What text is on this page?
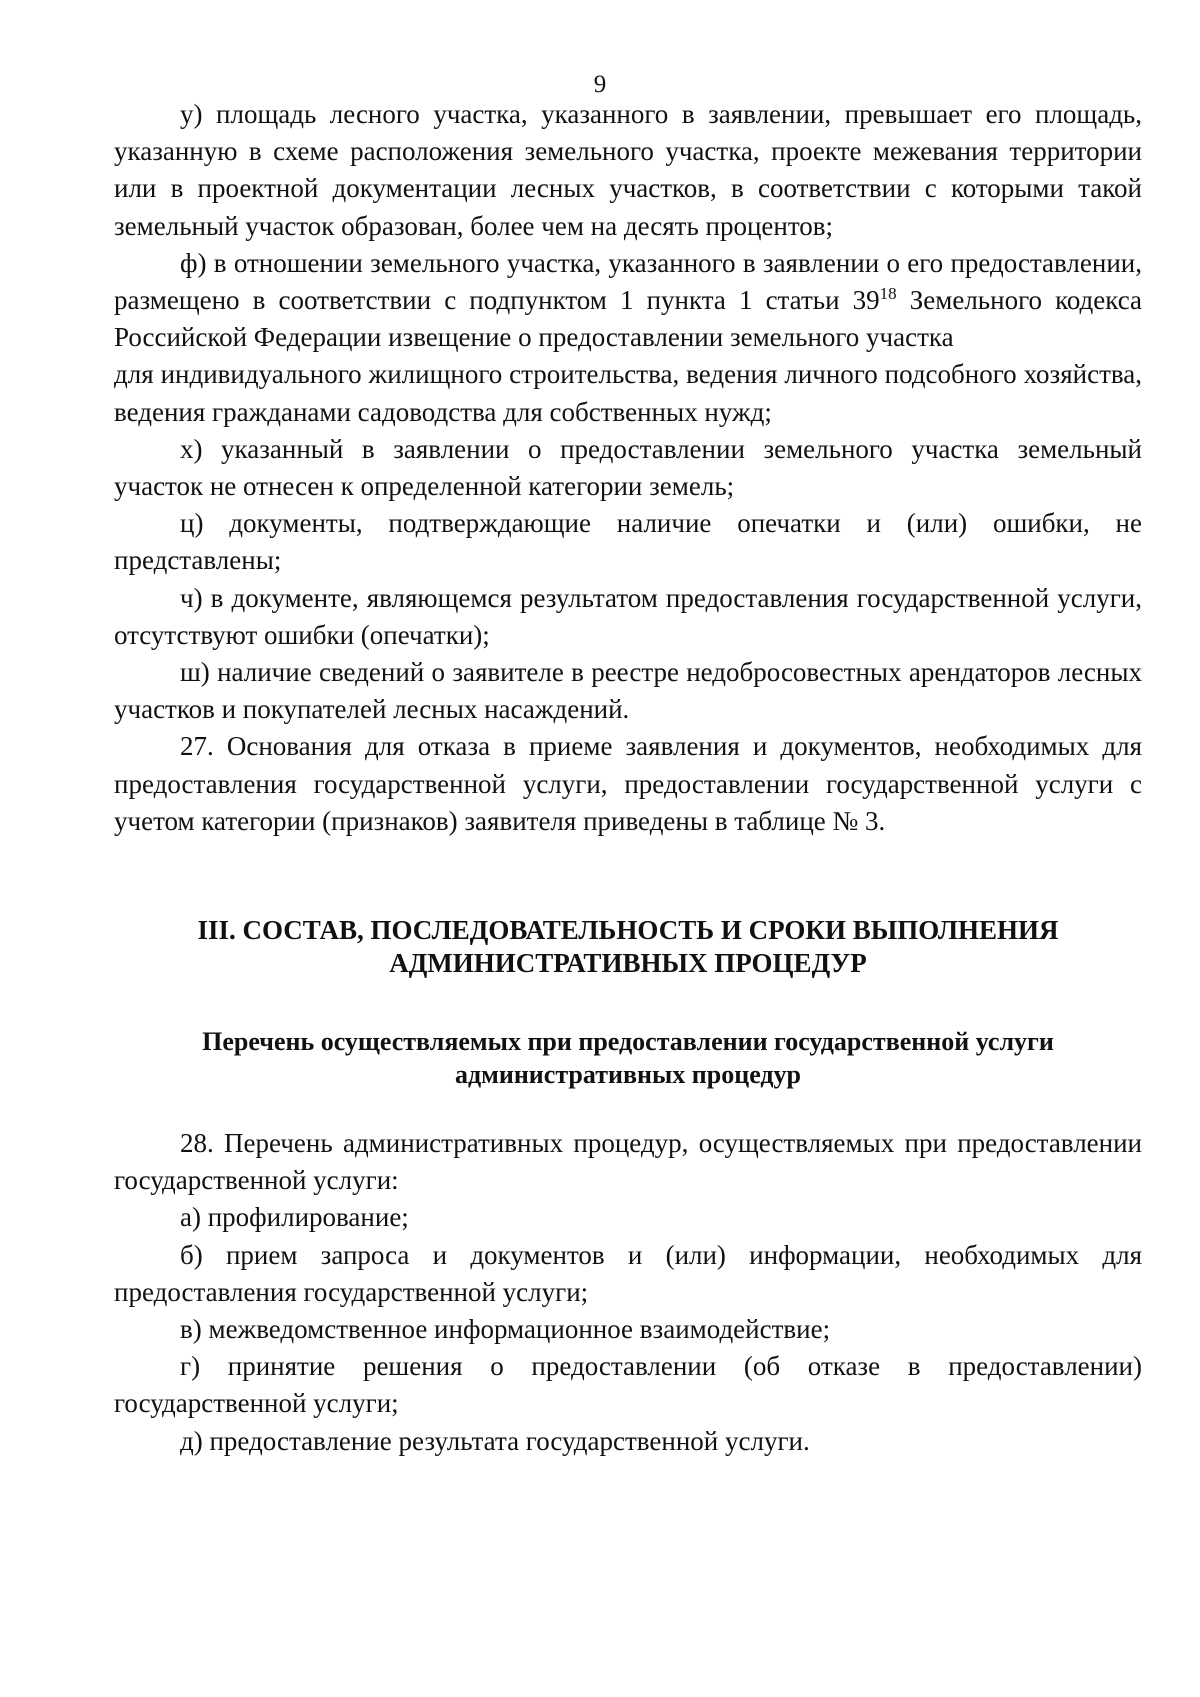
9

у) площадь лесного участка, указанного в заявлении, превышает его площадь, указанную в схеме расположения земельного участка, проекте межевания территории или в проектной документации лесных участков, в соответствии с которыми такой земельный участок образован, более чем на десять процентов;

ф) в отношении земельного участка, указанного в заявлении о его предоставлении, размещено в соответствии с подпунктом 1 пункта 1 статьи $39^{18}$ Земельного кодекса Российской Федерации извещение о предоставлении земельного участка

для индивидуального жилищного строительства, ведения личного подсобного хозяйства, ведения гражданами садоводства для собственных нужд;

х) указанный в заявлении о предоставлении земельного участка земельный участок не отнесен к определенной категории земель;

ц) документы, подтверждающие наличие опечатки и (или) ошибки, не представлены;

ч) в документе, являющемся результатом предоставления государственной услуги, отсутствуют ошибки (опечатки);

ш) наличие сведений о заявителе в реестре недобросовестных арендаторов лесных участков и покупателей лесных насаждений.

27. Основания для отказа в приеме заявления и документов, необходимых для предоставления государственной услуги, предоставлении государственной услуги с учетом категории (признаков) заявителя приведены в таблице № 3.

III. СОСТАВ, ПОСЛЕДОВАТЕЛЬНОСТЬ И СРОКИ ВЫПОЛНЕНИЯ
АДМИНИСТРАТИВНЫХ ПРОЦЕДУР

Перечень осуществляемых при предоставлении государственной услуги
административных процедур

28. Перечень административных процедур, осуществляемых при предоставлении государственной услуги:

а) профилирование;

б) прием запроса и документов и (или) информации, необходимых для предоставления государственной услуги;

в) межведомственное информационное взаимодействие;

г) принятие решения о предоставлении (об отказе в предоставлении) государственной услуги;

д) предоставление результата государственной услуги.
